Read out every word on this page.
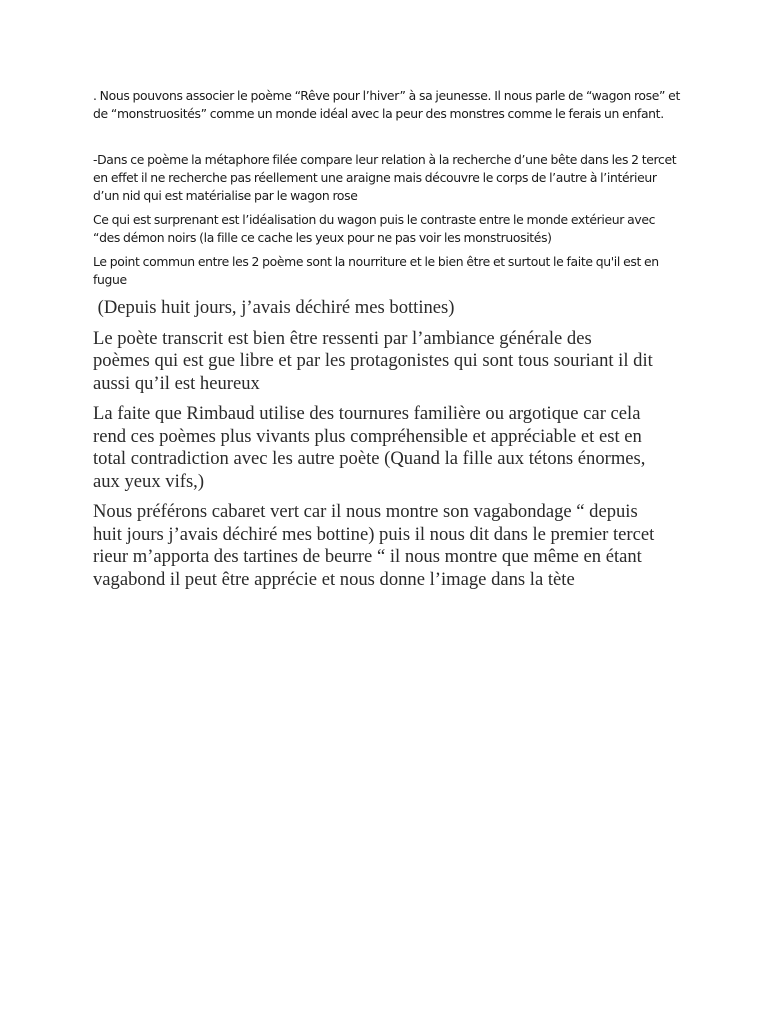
. Nous pouvons associer le poème “Rêve pour l’hiver” à sa jeunesse. Il nous parle de “wagon rose” et
de “monstruosités” comme un monde idéal avec la peur des monstres comme le ferais un enfant.

-Dans ce poème la métaphore filée compare leur relation à la recherche d’une bête dans les 2 tercet
en effet il ne recherche pas réellement une araigne mais découvre le corps de l’autre à l’intérieur
d’un nid qui est matérialise par le wagon rose

Ce qui est surprenant est l’idéalisation du wagon puis le contraste entre le monde extérieur avec
“des démon noirs (la fille ce cache les yeux pour ne pas voir les monstruosités)

Le point commun entre les 2 poème sont la nourriture et le bien être et surtout le faite qu'il est en
fugue

(Depuis huit jours, j’avais déchiré mes bottines)

Le poète transcrit est bien être ressenti par l’ambiance générale des
poèmes qui est gue libre et par les protagonistes qui sont tous souriant il dit
aussi qu’il est heureux

La faite que Rimbaud utilise des tournures familière ou argotique car cela
rend ces poèmes plus vivants plus compréhensible et appréciable et est en
total contradiction avec les autre poète (Quand la fille aux tétons énormes,
aux yeux vifs,)

Nous préférons cabaret vert car il nous montre son vagabondage “ depuis
huit jours j’avais déchiré mes bottine) puis il nous dit dans le premier tercet
rieur m’apporta des tartines de beurre “ il nous montre que même en étant
vagabond il peut être apprécie et nous donne l’image dans la tète
